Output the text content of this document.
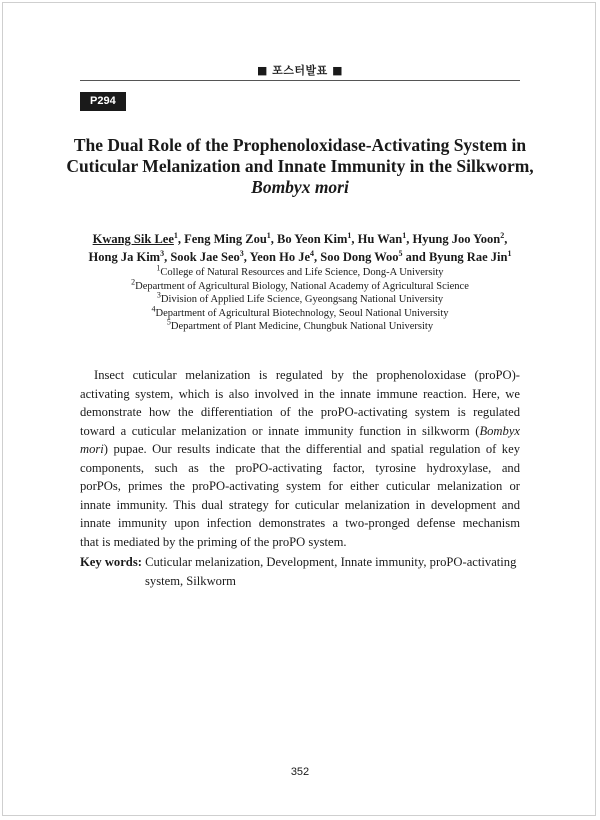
■ 포스터발표 ■
P294
The Dual Role of the Prophenoloxidase-Activating System in
Cuticular Melanization and Innate Immunity in the Silkworm,
Bombyx mori
Kwang Sik Lee$^1$, Feng Ming Zou$^1$, Bo Yeon Kim$^1$, Hu Wan$^1$, Hyung Joo Yoon$^2$,
Hong Ja Kim$^3$, Sook Jae Seo$^3$, Yeon Ho Je$^4$, Soo Dong Woo$^5$ and Byung Rae Jin$^1$
$^1$College of Natural Resources and Life Science, Dong-A University
$^2$Department of Agricultural Biology, National Academy of Agricultural Science
$^3$Division of Applied Life Science, Gyeongsang National University
$^4$Department of Agricultural Biotechnology, Seoul National University
$^5$Department of Plant Medicine, Chungbuk National University
Insect cuticular melanization is regulated by the prophenoloxidase (proPO)-
activating system, which is also involved in the innate immune reaction. Here, we
demonstrate how the differentiation of the proPO-activating system is regulated
toward a cuticular melanization or innate immunity function in silkworm (Bombyx
mori) pupae. Our results indicate that the differential and spatial regulation of key
components, such as the proPO-activating factor, tyrosine hydroxylase, and
porPOs, primes the proPO-activating system for either cuticular melanization or
innate immunity. This dual strategy for cuticular melanization in development and
innate immunity upon infection demonstrates a two-pronged defense mechanism
that is mediated by the priming of the proPO system.
Key words: Cuticular melanization, Development, Innate immunity, proPO-activating
system, Silkworm
352
